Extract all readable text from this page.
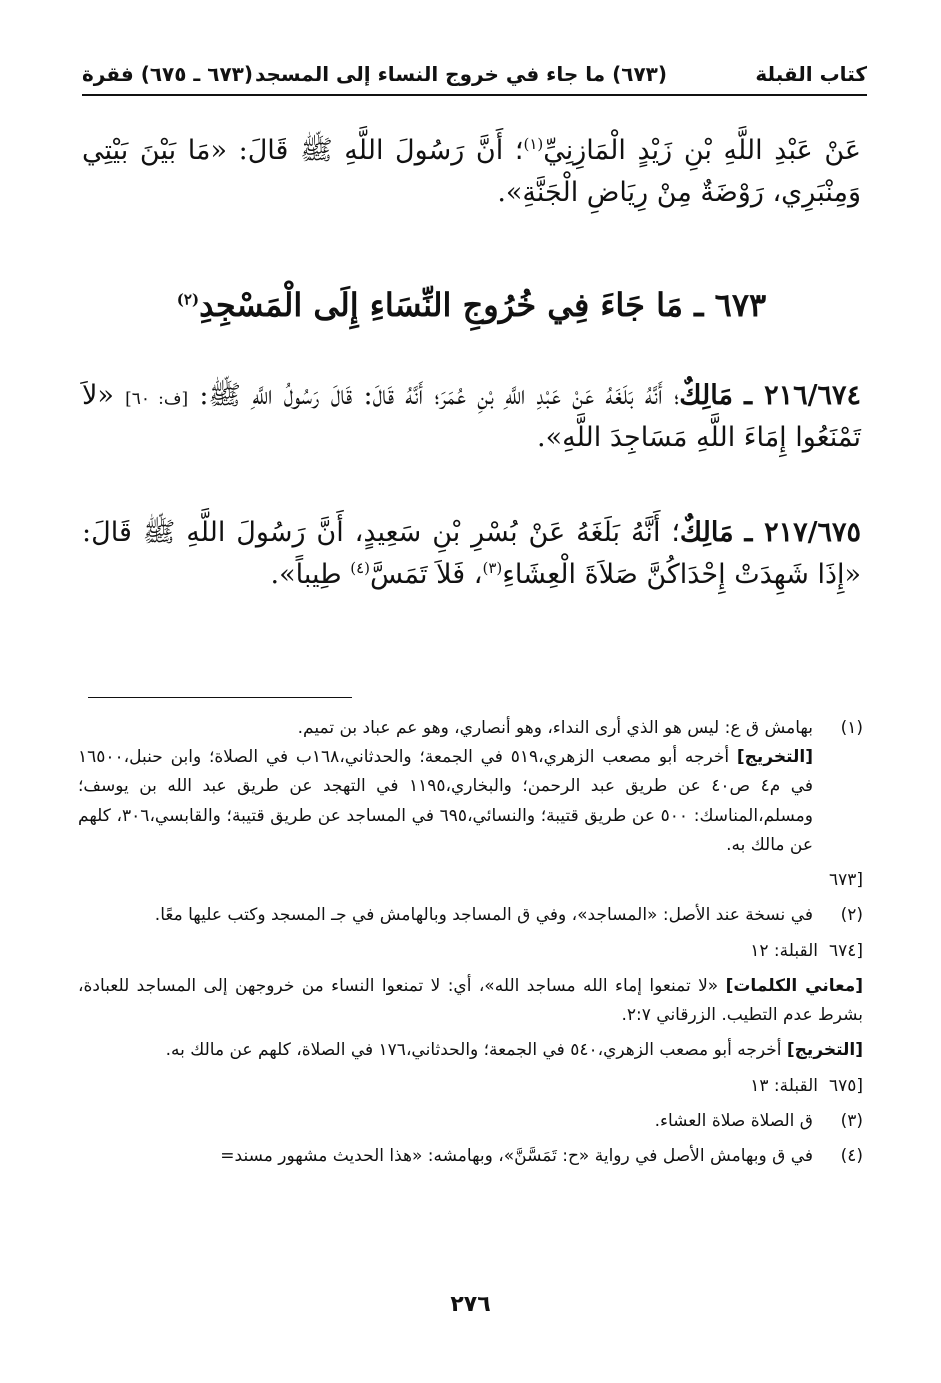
كتاب القبلة
(٦٧٣) ما جاء في خروج النساء إلى المسجد
(٦٧٣ ـ ٦٧٥) فقرة
عَنْ عَبْدِ اللَّهِ بْنِ زَيْدٍ الْمَازِنِيِّ$^{(١)}$؛ أَنَّ رَسُولَ اللَّهِ ﷺ قَالَ: «مَا بَيْنَ بَيْتِي وَمِنْبَرِي، رَوْضَةٌ مِنْ رِيَاضِ الْجَنَّةِ».
٦٧٣ ـ مَا جَاءَ فِي خُرُوجِ النِّسَاءِ إِلَى الْمَسْجِدِ$^{(٢)}$
٢١٦/٦٧٤ ـ مَالِكٌ؛ أَنَّهُ بَلَغَهُ عَنْ عَبْدِ اللَّهِ بْنِ عُمَرَ؛ أَنَّهُ قَالَ: قَالَ رَسُولُ اللَّهِ ﷺ: [ف: ٦٠] «لاَ تَمْنَعُوا إِمَاءَ اللَّهِ مَسَاجِدَ اللَّهِ».
٢١٧/٦٧٥ ـ مَالِكٌ؛ أَنَّهُ بَلَغَهُ عَنْ بُسْرِ بْنِ سَعِيدٍ، أَنَّ رَسُولَ اللَّهِ ﷺ قَالَ: «إِذَا شَهِدَتْ إِحْدَاكُنَّ صَلاَةَ الْعِشَاءِ$^{(٣)}$، فَلاَ تَمَسَّ$^{(٤)}$ طِيباً».
(١)
بهامش ق ع: ليس هو الذي أرى النداء، وهو أنصاري، وهو عم عباد بن تميم.
[التخريج] أخرجه أبو مصعب الزهري،٥١٩ في الجمعة؛ والحدثاني،١٦٨ب في الصلاة؛ وابن حنبل،١٦٥٠٠ في م٤ ص٤٠ عن طريق عبد الرحمن؛ والبخاري،١١٩٥ في التهجد عن طريق عبد الله بن يوسف؛ ومسلم،المناسك: ٥٠٠ عن طريق قتيبة؛ والنسائي،٦٩٥ في المساجد عن طريق قتيبة؛ والقابسي،٣٠٦، كلهم عن مالك به.
[٦٧٣
(٢)
في نسخة عند الأصل: «المساجد»، وفي ق المساجد وبالهامش في جـ المسجد وكتب عليها معًا.
[٦٧٤القبلة: ١٢
[معاني الكلمات] «لا تمنعوا إماء الله مساجد الله»، أي: لا تمنعوا النساء من خروجهن إلى المساجد للعبادة، بشرط عدم التطيب. الزرقاني ٢:٧.
[التخريج] أخرجه أبو مصعب الزهري،٥٤٠ في الجمعة؛ والحدثاني،١٧٦ في الصلاة، كلهم عن مالك به.
[٦٧٥القبلة: ١٣
(٣)
ق الصلاة صلاة العشاء.
(٤)
في ق وبهامش الأصل في رواية «ح: تَمَسَّنَّ»، وبهامشه: «هذا الحديث مشهور مسند=
٢٧٦
